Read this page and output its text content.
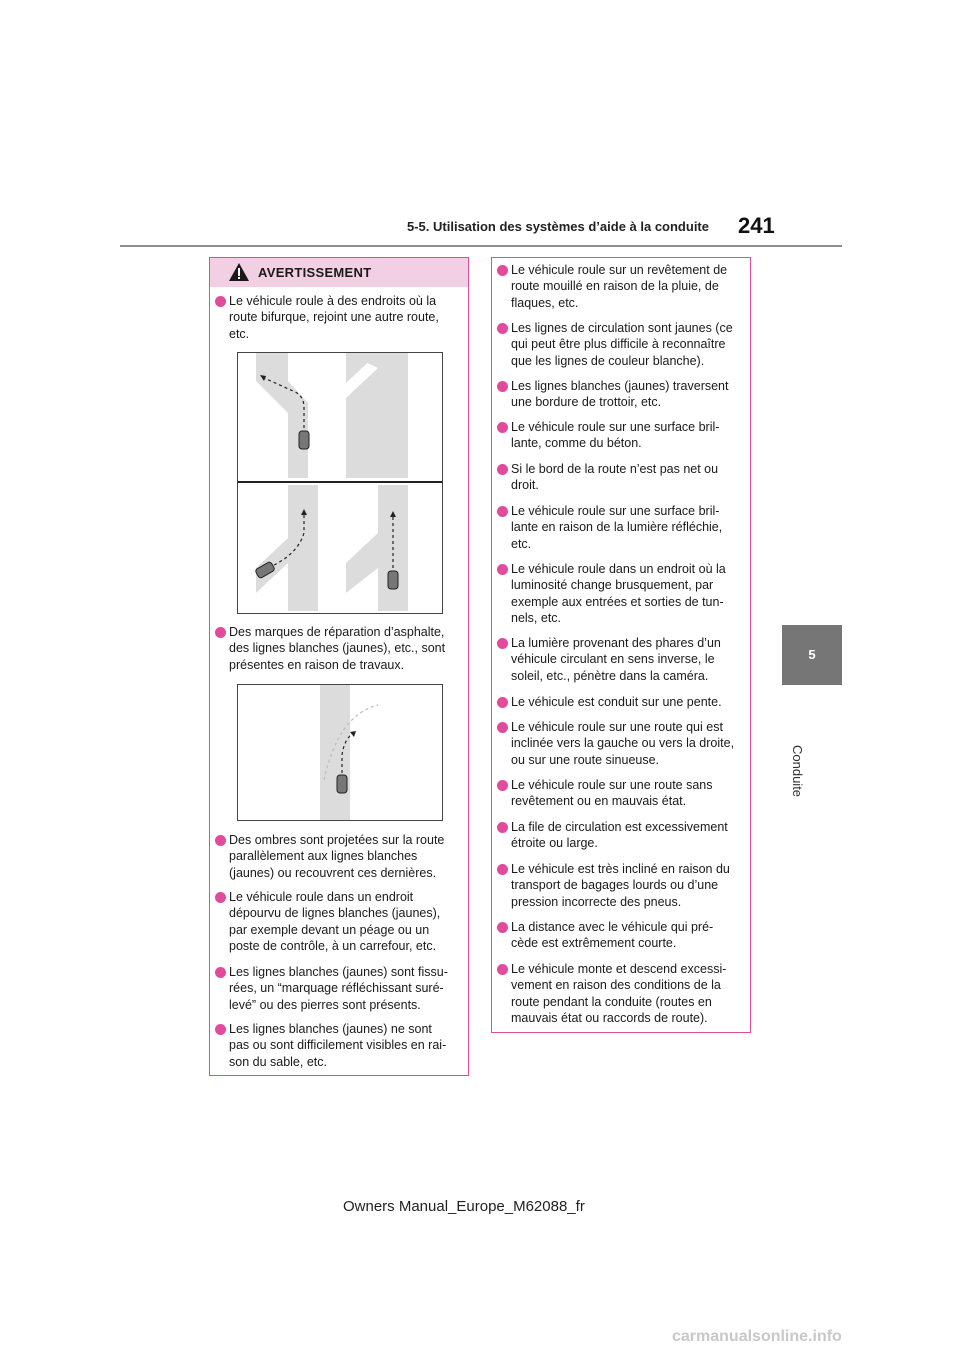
5-5. Utilisation des systèmes d’aide à la conduite 241
5
Conduite
AVERTISSEMENT
Le véhicule roule à des endroits où la route bifurque, rejoint une autre route, etc.
Des marques de réparation d’asphalte, des lignes blanches (jaunes), etc., sont présentes en raison de travaux.
Des ombres sont projetées sur la route parallèlement aux lignes blanches (jaunes) ou recouvrent ces dernières.
Le véhicule roule dans un endroit dépourvu de lignes blanches (jaunes), par exemple devant un péage ou un poste de contrôle, à un carrefour, etc.
Les lignes blanches (jaunes) sont fissu-rées, un “marquage réfléchissant suré-levé” ou des pierres sont présents.
Les lignes blanches (jaunes) ne sont pas ou sont difficilement visibles en rai-son du sable, etc.
Le véhicule roule sur un revêtement de route mouillé en raison de la pluie, de flaques, etc.
Les lignes de circulation sont jaunes (ce qui peut être plus difficile à reconnaître que les lignes de couleur blanche).
Les lignes blanches (jaunes) traversent une bordure de trottoir, etc.
Le véhicule roule sur une surface bril-lante, comme du béton.
Si le bord de la route n’est pas net ou droit.
Le véhicule roule sur une surface bril-lante en raison de la lumière réfléchie, etc.
Le véhicule roule dans un endroit où la luminosité change brusquement, par exemple aux entrées et sorties de tun-nels, etc.
La lumière provenant des phares d’un véhicule circulant en sens inverse, le soleil, etc., pénètre dans la caméra.
Le véhicule est conduit sur une pente.
Le véhicule roule sur une route qui est inclinée vers la gauche ou vers la droite, ou sur une route sinueuse.
Le véhicule roule sur une route sans revêtement ou en mauvais état.
La file de circulation est excessivement étroite ou large.
Le véhicule est très incliné en raison du transport de bagages lourds ou d’une pression incorrecte des pneus.
La distance avec le véhicule qui pré-cède est extrêmement courte.
Le véhicule monte et descend excessi-vement en raison des conditions de la route pendant la conduite (routes en mauvais état ou raccords de route).
Owners Manual_Europe_M62088_fr
carmanualsonline.info
